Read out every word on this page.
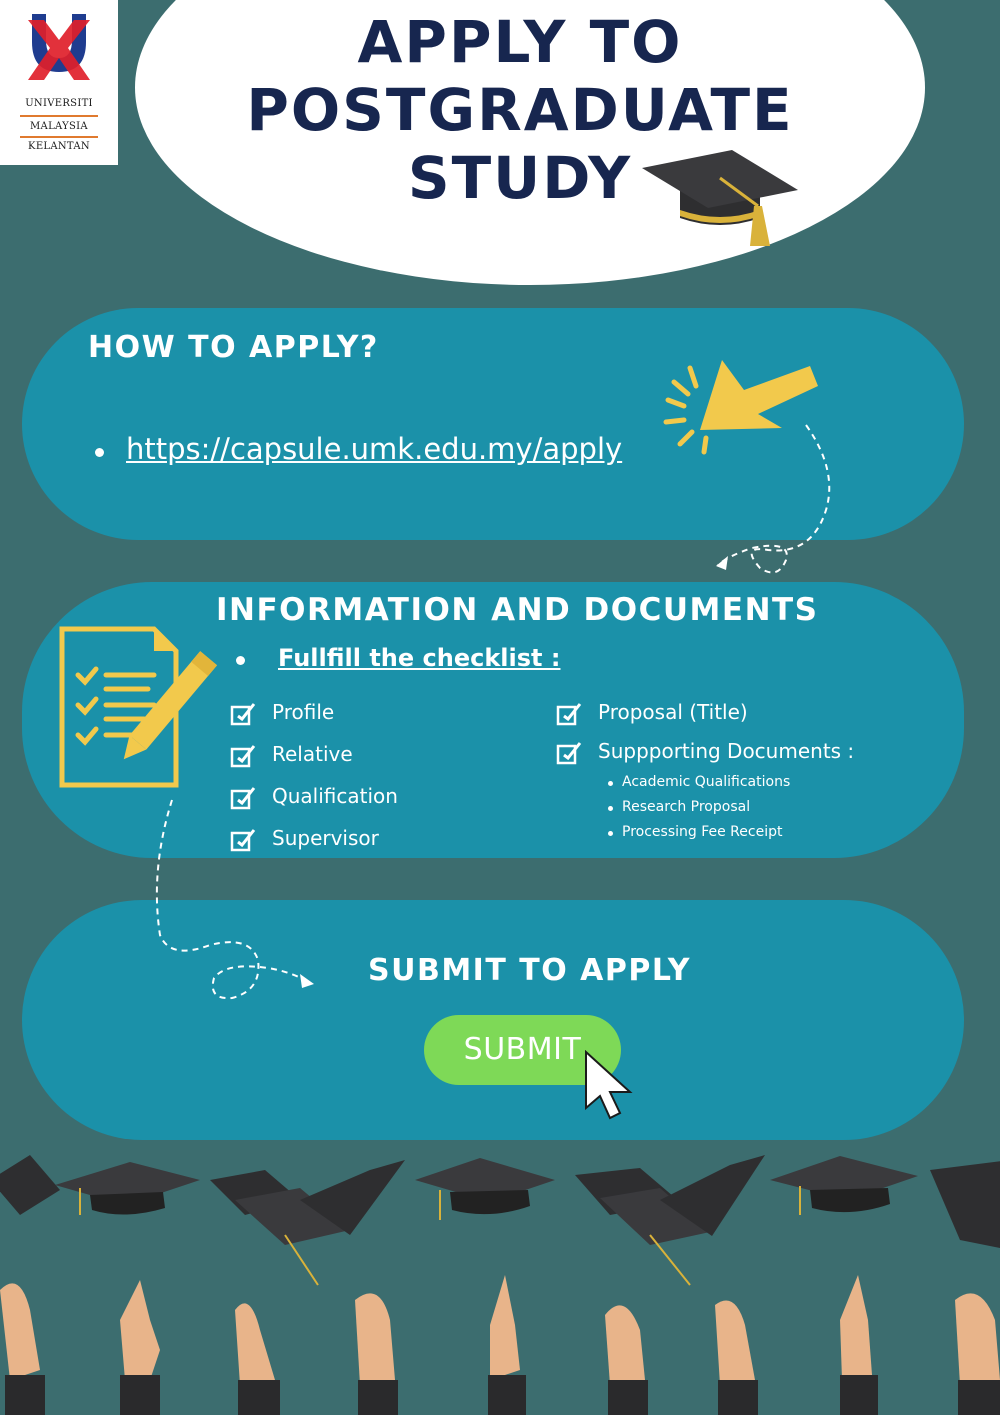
UNIVERSITI
MALAYSIA
KELANTAN
APPLY TO
POSTGRADUATE
STUDY
HOW TO APPLY?
https://capsule.umk.edu.my/apply
INFORMATION AND DOCUMENTS
Fullfill the checklist :
Profile
Relative
Qualification
Supervisor
Proposal (Title)
Suppporting Documents :
Academic Qualifications
Research Proposal
Processing Fee Receipt
SUBMIT TO APPLY
SUBMIT
